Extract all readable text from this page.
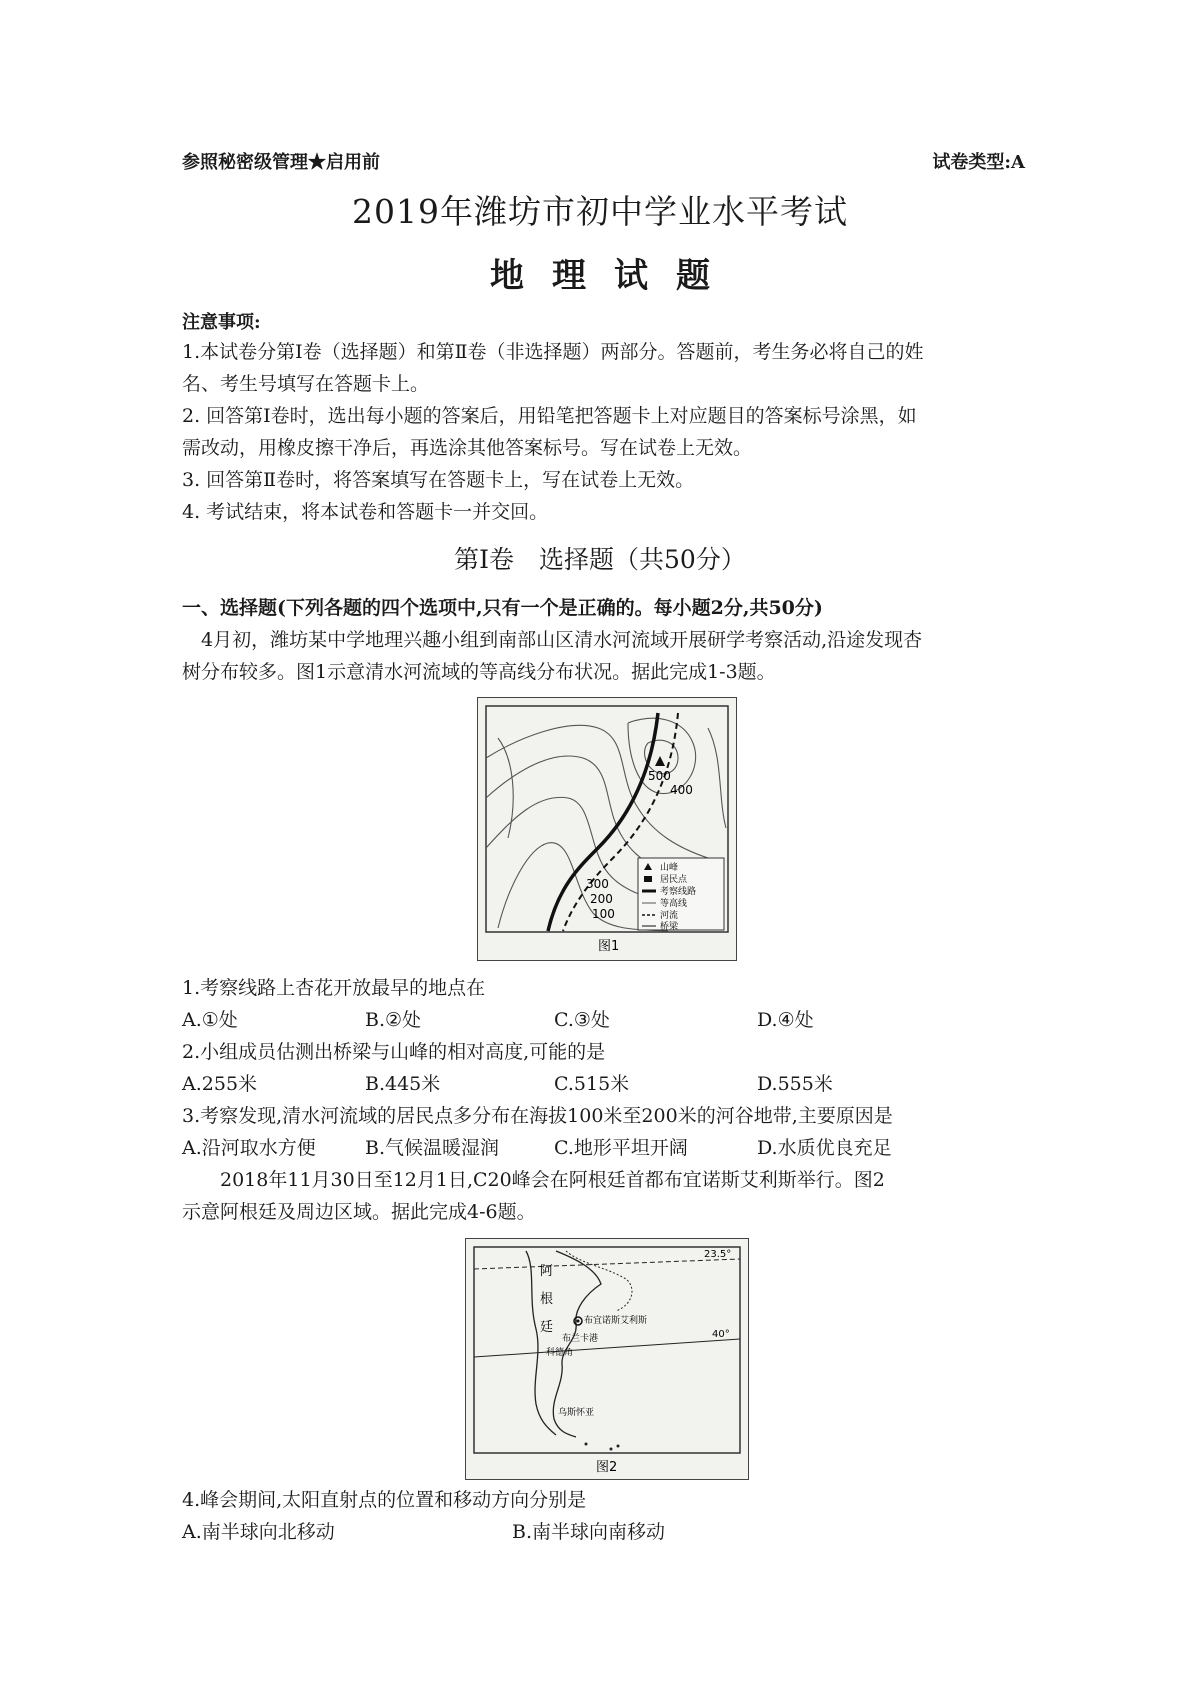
参照秘密级管理★启用前	试卷类型:A
2019年潍坊市初中学业水平考试
地理试题
注意事项:
1.本试卷分第Ⅰ卷（选择题）和第Ⅱ卷（非选择题）两部分。答题前，考生务必将自己的姓
名、考生号填写在答题卡上。
2. 回答第Ⅰ卷时，选出每小题的答案后，用铅笔把答题卡上对应题目的答案标号涂黑，如
需改动，用橡皮擦干净后，再选涂其他答案标号。写在试卷上无效。
3. 回答第Ⅱ卷时，将答案填写在答题卡上，写在试卷上无效。
4. 考试结束，将本试卷和答题卡一并交回。
第Ⅰ卷　选择题（共50分）
一、选择题(下列各题的四个选项中,只有一个是正确的。每小题2分,共50分)
　4月初，潍坊某中学地理兴趣小组到南部山区清水河流域开展研学考察活动,沿途发现杏
树分布较多。图1示意清水河流域的等高线分布状况。据此完成1-3题。
500
400
300
200
100
山峰
居民点
考察线路
等高线
河流
桥梁
图1
1.考察线路上杏花开放最早的地点在
A.①处	B.②处	C.③处	D.④处
2.小组成员估测出桥梁与山峰的相对高度,可能的是
A.255米	B.445米	C.515米	D.555米
3.考察发现,清水河流域的居民点多分布在海拔100米至200米的河谷地带,主要原因是
A.沿河取水方便	B.气候温暖湿润	C.地形平坦开阔	D.水质优良充足
　　2018年11月30日至12月1日,C20峰会在阿根廷首都布宜诺斯艾利斯举行。图2
示意阿根廷及周边区域。据此完成4-6题。
23.5°
40°
阿
根
廷	布宜诺斯艾利斯
布兰卡港
科德角
乌斯怀亚
图2
4.峰会期间,太阳直射点的位置和移动方向分别是
A.南半球向北移动	B.南半球向南移动
